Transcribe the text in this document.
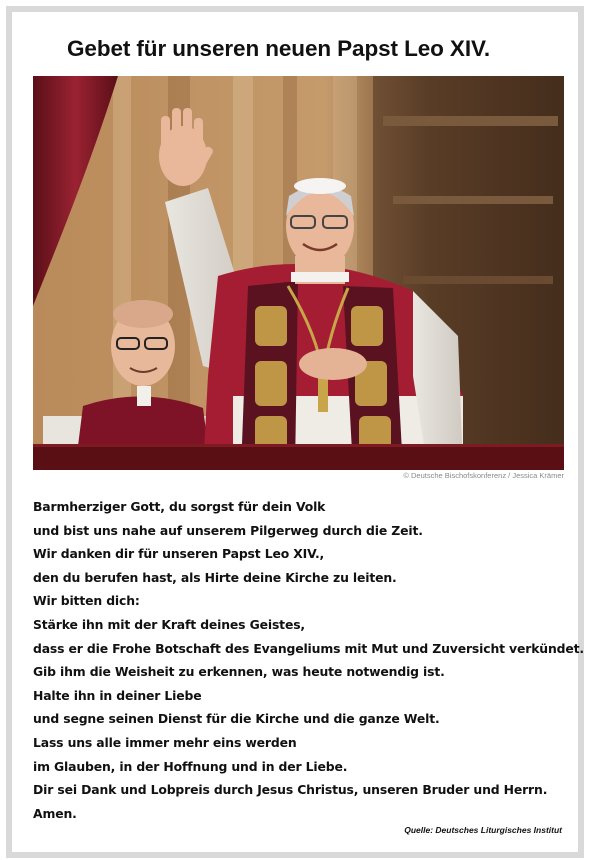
Gebet für unseren neuen Papst Leo XIV.
© Deutsche Bischofskonferenz / Jessica Krämer
Barmherziger Gott, du sorgst für dein Volk
und bist uns nahe auf unserem Pilgerweg durch die Zeit.
Wir danken dir für unseren Papst Leo XIV.,
den du berufen hast, als Hirte deine Kirche zu leiten.
Wir bitten dich:
Stärke ihn mit der Kraft deines Geistes,
dass er die Frohe Botschaft des Evangeliums mit Mut und Zuversicht verkündet.
Gib ihm die Weisheit zu erkennen, was heute notwendig ist.
Halte ihn in deiner Liebe
und segne seinen Dienst für die Kirche und die ganze Welt.
Lass uns alle immer mehr eins werden
im Glauben, in der Hoffnung und in der Liebe.
Dir sei Dank und Lobpreis durch Jesus Christus, unseren Bruder und Herrn.
Amen.
Quelle: Deutsches Liturgisches Institut
